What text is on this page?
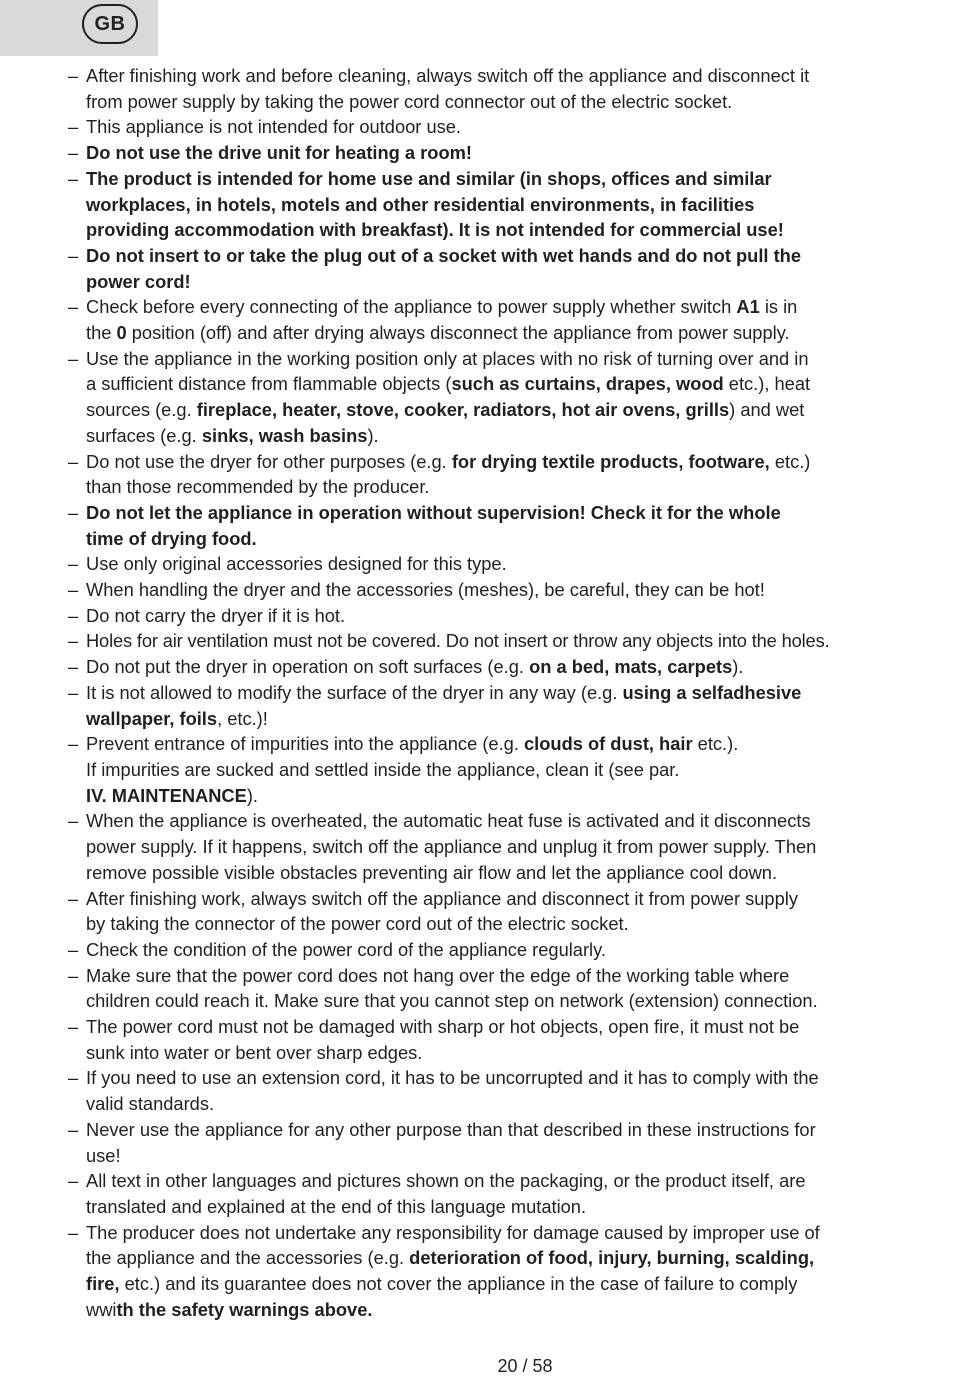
GB

– After finishing work and before cleaning, always switch off the appliance and disconnect it

from power supply by taking the power cord connector out of the electric socket.

– This appliance is not intended for outdoor use.

– Do not use the drive unit for heating a room!

– The product is intended for home use and similar (in shops, offices and similar

workplaces, in hotels, motels and other residential environments, in facilities

providing accommodation with breakfast). It is not intended for commercial use!

– Do not insert to or take the plug out of a socket with wet hands and do not pull the

power cord!

– Check before every connecting of the appliance to power supply whether switch A1 is in

the 0 position (off) and after drying always disconnect the appliance from power supply.

– Use the appliance in the working position only at places with no risk of turning over and in

a sufficient distance from flammable objects (such as curtains, drapes, wood etc.), heat

sources (e.g. fireplace, heater, stove, cooker, radiators, hot air ovens, grills) and wet

surfaces (e.g. sinks, wash basins).

– Do not use the dryer for other purposes (e.g. for drying textile products, footware, etc.)

than those recommended by the producer.

– Do not let the appliance in operation without supervision! Check it for the whole

time of drying food.

– Use only original accessories designed for this type.

– When handling the dryer and the accessories (meshes), be careful, they can be hot!

– Do not carry the dryer if it is hot.

– Holes for air ventilation must not be covered. Do not insert or throw any objects into the holes.

– Do not put the dryer in operation on soft surfaces (e.g. on a bed, mats, carpets).

– It is not allowed to modify the surface of the dryer in any way (e.g. using a selfadhesive

wallpaper, foils, etc.)!

– Prevent entrance of impurities into the appliance (e.g. clouds of dust, hair etc.).

If impurities are sucked and settled inside the appliance, clean it (see par.

IV. MAINTENANCE).

– When the appliance is overheated, the automatic heat fuse is activated and it disconnects

power supply. If it happens, switch off the appliance and unplug it from power supply. Then

remove possible visible obstacles preventing air flow and let the appliance cool down.

– After finishing work, always switch off the appliance and disconnect it from power supply

by taking the connector of the power cord out of the electric socket.

– Check the condition of the power cord of the appliance regularly.

– Make sure that the power cord does not hang over the edge of the working table where

children could reach it. Make sure that you cannot step on network (extension) connection.

– The power cord must not be damaged with sharp or hot objects, open fire, it must not be

sunk into water or bent over sharp edges.

– If you need to use an extension cord, it has to be uncorrupted and it has to comply with the

valid standards.

– Never use the appliance for any other purpose than that described in these instructions for

use!

– All text in other languages and pictures shown on the packaging, or the product itself, are

translated and explained at the end of this language mutation.

– The producer does not undertake any responsibility for damage caused by improper use of

the appliance and the accessories (e.g. deterioration of food, injury, burning, scalding,

fire, etc.) and its guarantee does not cover the appliance in the case of failure to comply

wwith the safety warnings above.

20 / 58
